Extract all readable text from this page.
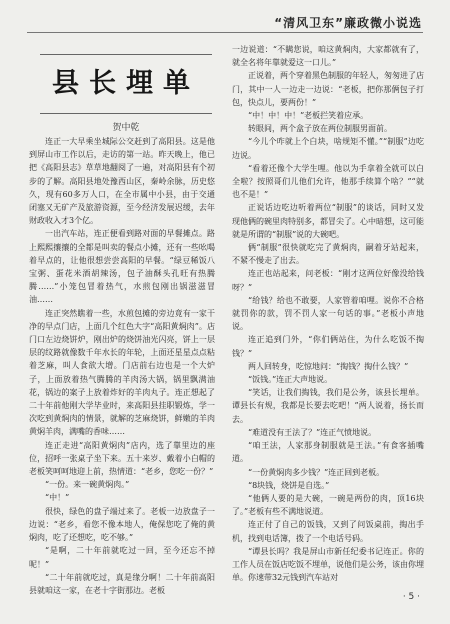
“清风卫东”廉政微小说选
县长埋单
贺中乾

连正一大早乘坐城际公交赶到了高阳县。这是他到屏山市工作以后，走访的第一站。昨天晚上，他已把《高阳县志》草草地翻阅了一遍，对高阳县有个初步的了解。高阳县地处豫西山区，秦岭余脉，历史悠久，现有60多万人口，在全市属中小县，由于交通闭塞又无矿产及旅游资源，至今经济发展迟缓，去年财政收入才3个亿。

一出汽车站，连正便看到路对面的早餐摊点。路上熙熙攘攘的全都是叫卖的餐点小摊，还有一些吆喝着早点的，让他很想尝尝高阳的早餐。“绿豆稀饭八宝粥、蛋花米酒胡辣汤，包子油酥头孔旺有热腾腾……”小笼包冒着热气，水煎包刚出锅滋滋冒油……

连正突然瞧着一些，水煎包摊的旁边竟有一家干净的早点门店，上面几个红色大字“高阳黄焖肉”。店门口左边烧饼炉，刚出炉的烧饼油光闪亮，饼上一层层的纹路就像数千年水长的年轮，上面还星星点点粘着芝麻，叫人食欲大增。门店前右边也是一个大炉子，上面放着热气腾腾的羊肉汤大锅，锅里飘满油花，锅边的案子上放着炸好的羊肉丸子。连正想起了二十年前他刚大学毕业时，来高阳县挂职锻炼，学一次吃到黄焖肉的情景，就解的芝麻烧饼，鲜嫩的羊肉黄焖羊肉，满嘴的香味……

连正走进“高阳黄焖肉”店内，选了靠里边的座位，招呼一张桌子坐下来。五十来岁、戴着小白帽的老板笑呵呵地迎上前，热情道：“老乡，您吃一份？”

“一份。来一碗黄焖肉。”

“中！”

很快，绿色的盘子端过来了。老板一边放盘子一边说：“老乡，看您不像本地人，俺保您吃了俺的黄焖肉，吃了还想吃，吃不够。”

“是啊，二十年前就吃过一回，至今还忘不掉呢！”

“二十年前就吃过，真是缘分啊！二十年前高阳县就咱这一家，在老十字街那边。老板

一边说道：“不瞒您说，咱这黄焖肉，大家都就有了，就全名将年靠就爱这一口儿。”

正说着，两个穿着黑色制服的年轻人，匆匆进了店门，其中一人一边走一边说：“老板，把你那俩包子打包，快点儿，要两份！”

“中！中！中！”老板拦笑着应承。

转眼间，两个盒子放在两位制服男面前。

“今儿个咋就上个白块，啥规矩不懂。”“制服”边吃边说。

“看着还像个大学生哩。他以为手拿着全就可以白全啦？按照哥们儿他们允许，他那手续算个啥？”“就也不是！”

正说话边吃边听着两位“制服”的谈话，同时又发现他俩的碗里肉特别多，都冒尖了。心中暗想，这可能就是所谓的“制服”说的大碗吧。

俩“制服”很快就吃完了黄焖肉，嗣着牙站起来，不紧不慢走了出去。

连正也站起来，问老板：“刚才这两位好像没给钱呀？”

“给钱？给也不敢要，人家管着咱哩。说你不合格就罚你的款，罚不罚人家一句话的事。”老板小声地说。

连正追到门外，“你们俩站住，为什么吃饭不掏钱？”

两人回转身，吃惊地问：“掏钱？掏什么钱？”

“饭钱。”连正大声地说。

“笑话，让我们掏钱，我们是公务，该县长埋单。谭县长有规，我都是长要去吃吧！”两人说着，扬长而去。

“难道没有王法了？”连正气愤地说。

“咱王法，人家那身制服就是王法。”有食客插嘴道。

“一份黄焖肉多少钱？”连正回到老板。

“8块钱，烧饼是自选。”

“他俩人要的是大碗，一碗是两份的肉，顶16块了。”老板有些不满地说道。

连正付了自己的饭钱，又到了问饭桌前，掏出手机，找到电话簿，拨了一个电话号码。

“谭县长吗？我是屏山市新任纪委书记连正。你的工作人员在饭店吃饭不埋单，说他们是公务，该由你埋单。你速带32元钱到汽车站对

· 5 ·
